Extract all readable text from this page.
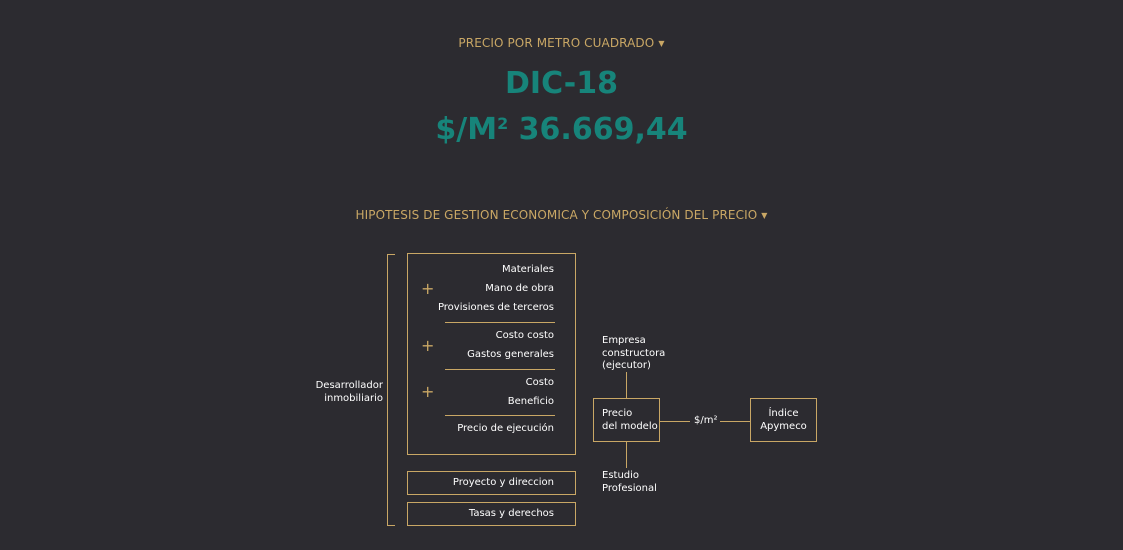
PRECIO POR METRO CUADRADO ▼
DIC-18
$\$/M^2$ 36.669,44
HIPOTESIS DE GESTION ECONOMICA Y COMPOSICIÓN DEL PRECIO ▼
Desarrollador
inmobiliario
Materiales
Mano de obra
Provisiones de terceros
Costo costo
Gastos generales
Costo
Beneficio
Precio de ejecución
+
+
+
Proyecto y direccion
Tasas y derechos
Empresa
constructora
(ejecutor)
Precio
del modelo
Estudio
Profesional
$/m²
Índice
Apymeco
